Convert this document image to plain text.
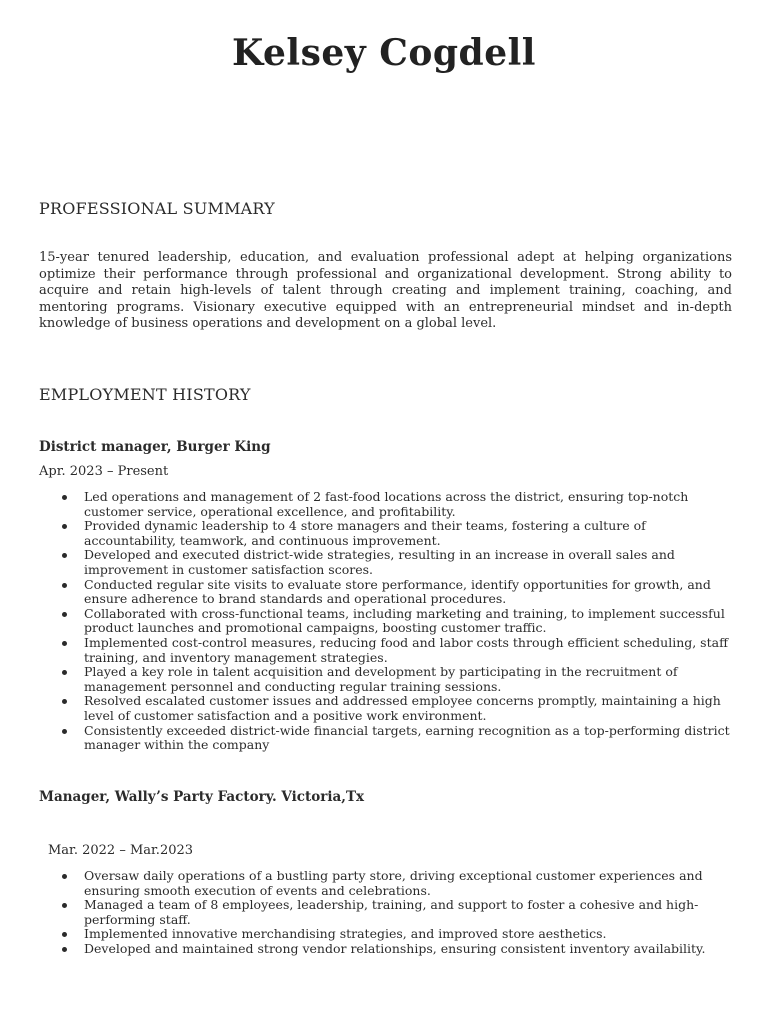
Kelsey Cogdell
PROFESSIONAL SUMMARY
15-year tenured leadership, education, and evaluation professional adept at helping organizations optimize their performance through professional and organizational development. Strong ability to acquire and retain high-levels of talent through creating and implement training, coaching, and mentoring programs. Visionary executive equipped with an entrepreneurial mindset and in-depth knowledge of business operations and development on a global level.
EMPLOYMENT HISTORY
District manager, Burger King
Apr. 2023 – Present
Led operations and management of 2 fast-food locations across the district, ensuring top-notch customer service, operational excellence, and profitability.
Provided dynamic leadership to 4 store managers and their teams, fostering a culture of accountability, teamwork, and continuous improvement.
Developed and executed district-wide strategies, resulting in an increase in overall sales and improvement in customer satisfaction scores.
Conducted regular site visits to evaluate store performance, identify opportunities for growth, and ensure adherence to brand standards and operational procedures.
Collaborated with cross-functional teams, including marketing and training, to implement successful product launches and promotional campaigns, boosting customer traffic.
Implemented cost-control measures, reducing food and labor costs through efficient scheduling, staff training, and inventory management strategies.
Played a key role in talent acquisition and development by participating in the recruitment of management personnel and conducting regular training sessions.
Resolved escalated customer issues and addressed employee concerns promptly, maintaining a high level of customer satisfaction and a positive work environment.
Consistently exceeded district-wide financial targets, earning recognition as a top-performing district manager within the company
Manager, Wally’s Party Factory. Victoria,Tx
Mar. 2022 – Mar.2023
Oversaw daily operations of a bustling party store, driving exceptional customer experiences and ensuring smooth execution of events and celebrations.
Managed a team of 8 employees, leadership, training, and support to foster a cohesive and high-performing staff.
Implemented innovative merchandising strategies, and improved store aesthetics.
Developed and maintained strong vendor relationships, ensuring consistent inventory availability.
